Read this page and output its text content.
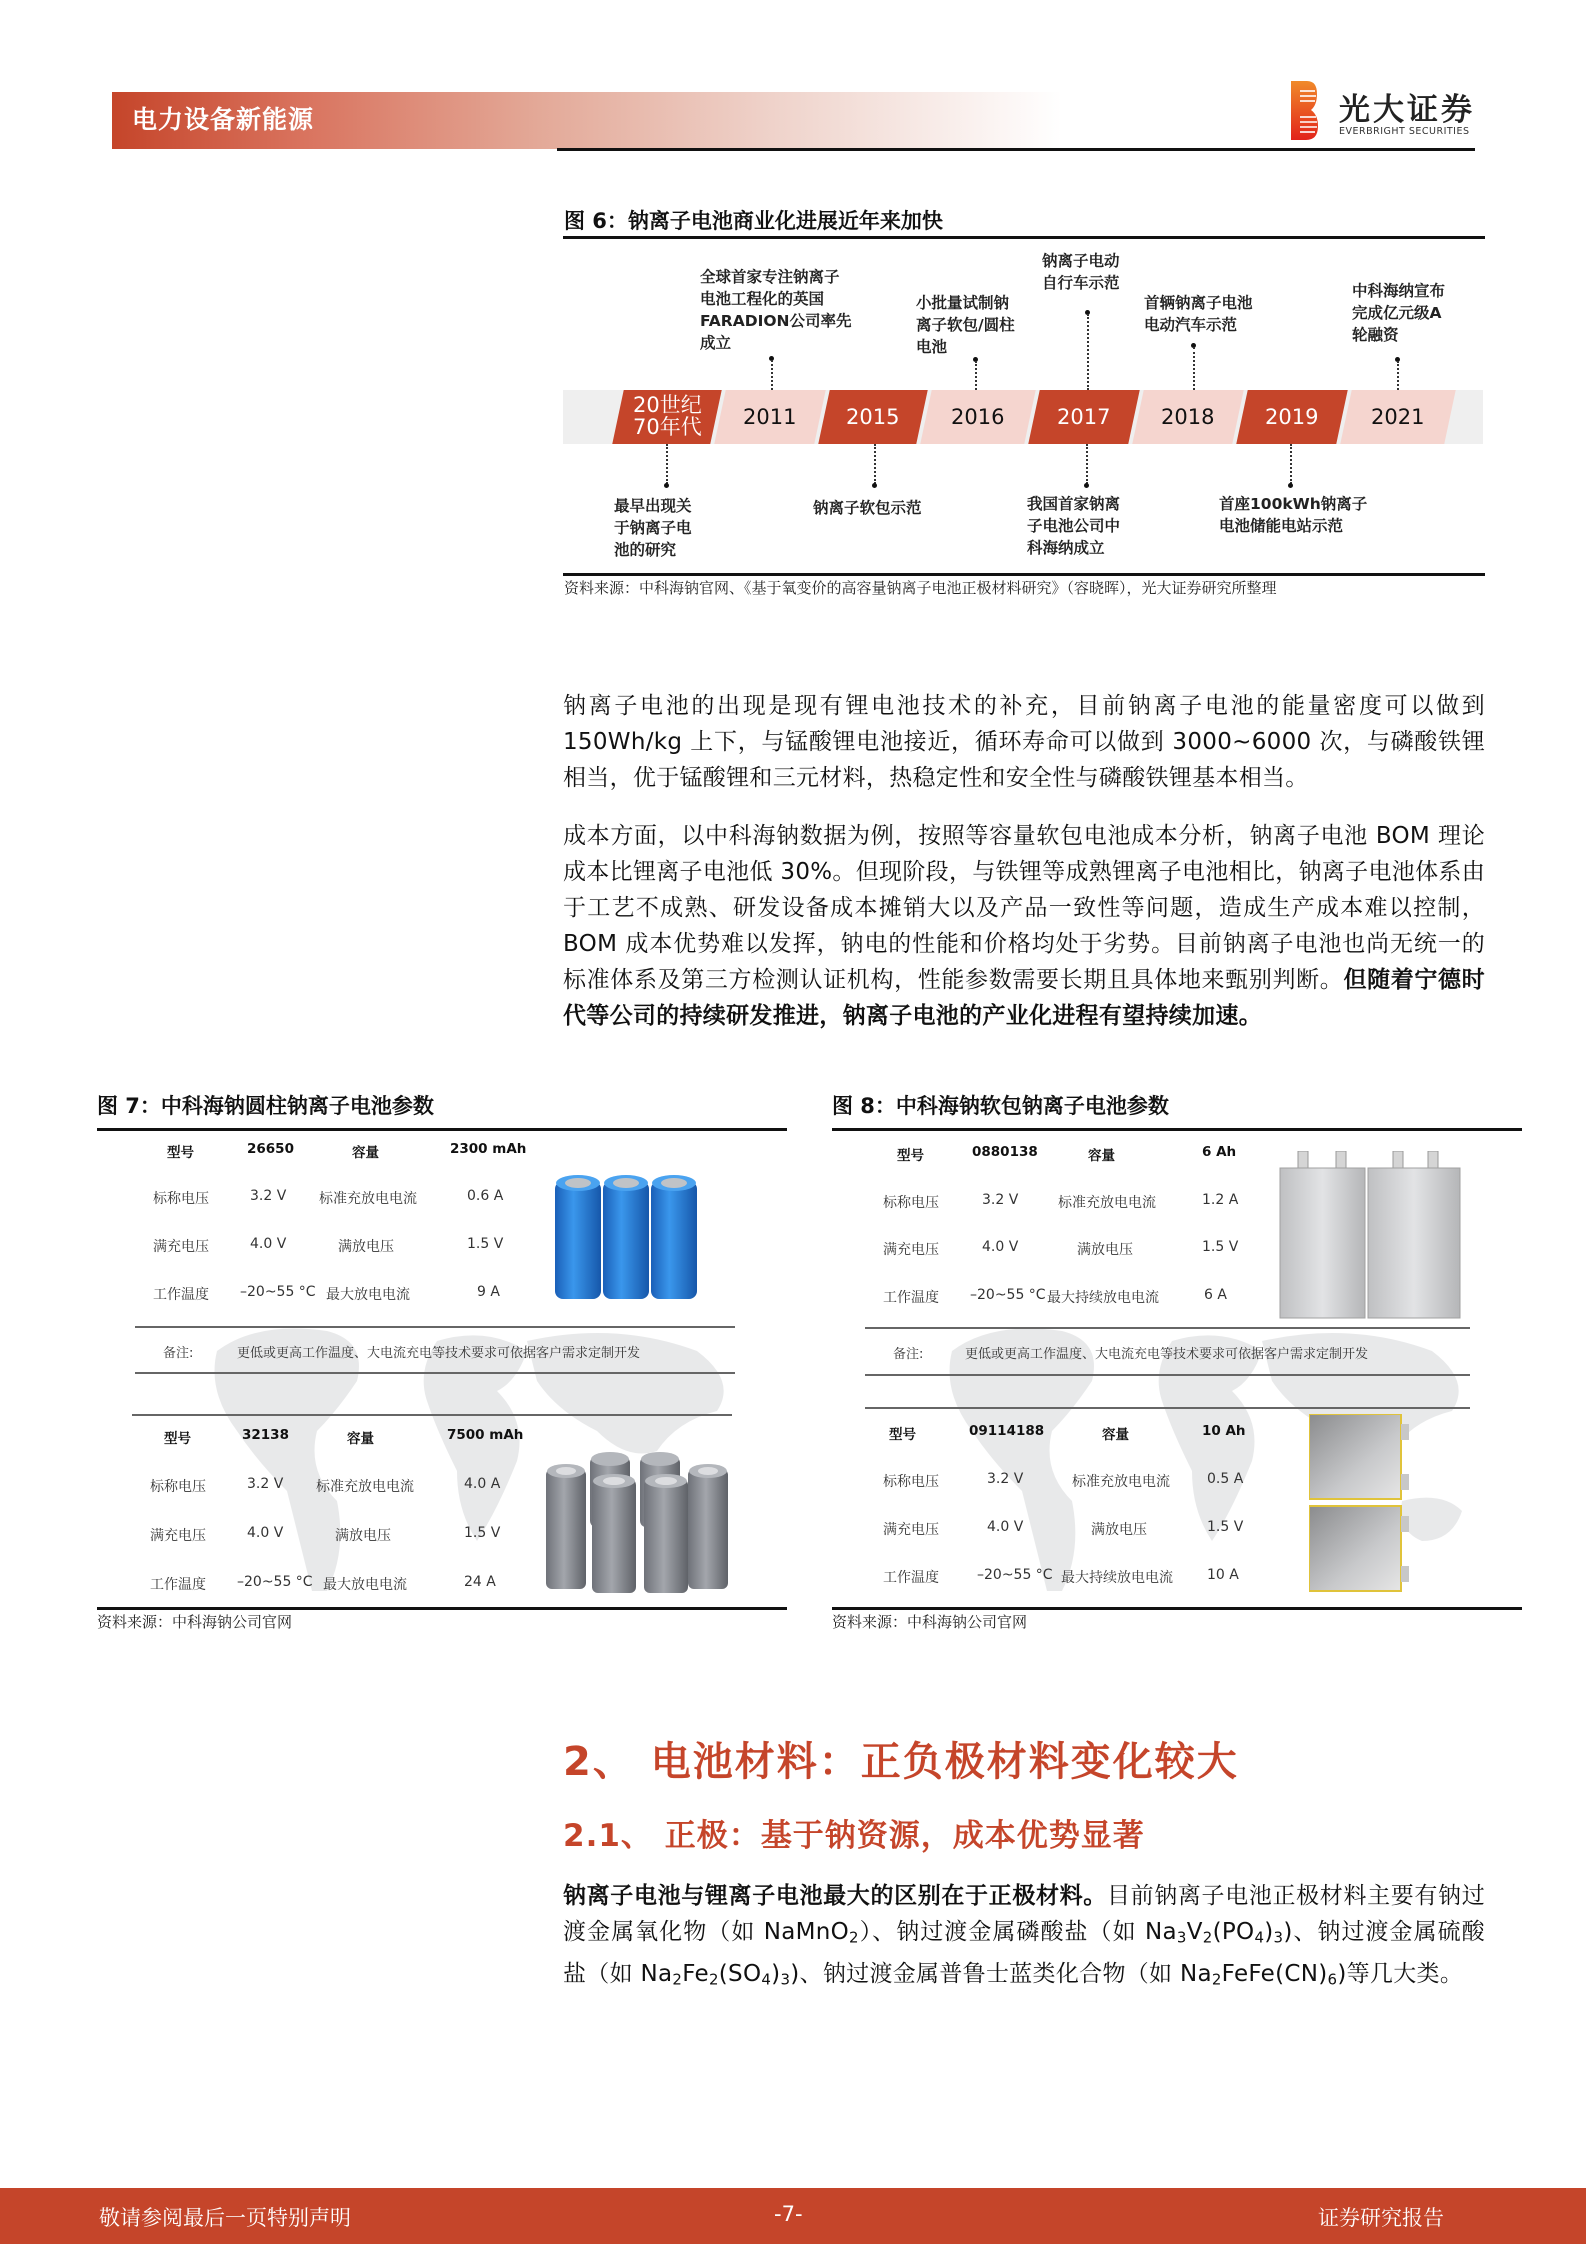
电力设备新能源	光大证券
EVERBRIGHT SECURITIES
图 6：钠离子电池商业化进展近年来加快
20世纪
70年代 2011 2015 2016	2017 2018 2019	2021
全球首家专注钠离子
电池工程化的英国
FARADION公司率先
成立
小批量试制钠
离子软包/圆柱
电池
钠离子电动
自行车示范
首辆钠离子电池
电动汽车示范
中科海纳宣布
完成亿元级A
轮融资
最早出现关
于钠离子电
池的研究
钠离子软包示范	我国首家钠离
子电池公司中
科海纳成立
首座100kWh钠离子
电池储能电站示范
资料来源：中科海钠官网、《基于氧变价的高容量钠离子电池正极材料研究》（容晓晖），光大证券研究所整理
钠离子电池的出现是现有锂电池技术的补充，目前钠离子电池的能量密度可以做到 150Wh/kg 上下，与锰酸锂电池接近，循环寿命可以做到 3000~6000 次，与磷酸铁锂相当，优于锰酸锂和三元材料，热稳定性和安全性与磷酸铁锂基本相当。
成本方面，以中科海钠数据为例，按照等容量软包电池成本分析，钠离子电池 BOM 理论成本比锂离子电池低 30%。但现阶段，与铁锂等成熟锂离子电池相比，钠离子电池体系由于工艺不成熟、研发设备成本摊销大以及产品一致性等问题，造成生产成本难以控制，BOM 成本优势难以发挥，钠电的性能和价格均处于劣势。目前钠离子电池也尚无统一的标准体系及第三方检测认证机构，性能参数需要长期且具体地来甄别判断。但随着宁德时代等公司的持续研发推进，钠离子电池的产业化进程有望持续加速。
图 7：中科海钠圆柱钠离子电池参数
型号	26650	容量	2300 mAh
标称电压	3.2 V 标准充放电电流	0.6 A
满充电压	4.0 V	满放电压	1.5 V
工作温度 –20~55 °C 最大放电电流	9 A
备注:	更低或更高工作温度、大电流充电等技术要求可依据客户需求定制开发
型号	32138	容量	7500 mAh
标称电压	3.2 V 标准充放电电流	4.0 A
满充电压	4.0 V	满放电压	1.5 V
工作温度 –20~55 °C 最大放电电流	24 A
资料来源：中科海钠公司官网
图 8：中科海钠软包钠离子电池参数
型号	0880138	容量	6 Ah
标称电压	3.2 V	标准充放电电流	1.2 A
满充电压	4.0 V	满放电压	1.5 V
工作温度 –20~55 °C 最大持续放电电流	6 A
备注:	更低或更高工作温度、大电流充电等技术要求可依据客户需求定制开发
型号	09114188	容量	10 Ah
标称电压	3.2 V	标准充放电电流	0.5 A
满充电压	4.0 V	满放电压	1.5 V
工作温度	–20~55 °C 最大持续放电电流 10 A
资料来源：中科海钠公司官网
2、 电池材料：正负极材料变化较大
2.1、 正极：基于钠资源，成本优势显著
钠离子电池与锂离子电池最大的区别在于正极材料。目前钠离子电池正极材料主要有钠过渡金属氧化物（如 NaMnO$_2$）、钠过渡金属磷酸盐（如 $Na_3V_2(PO_4)_3$)、钠过渡金属硫酸盐（如 $Na_2Fe_2(SO_4)_3$)、钠过渡金属普鲁士蓝类化合物（如 $Na_2FeFe(CN)_6$)等几大类。
敬请参阅最后一页特别声明	-7-	证券研究报告
